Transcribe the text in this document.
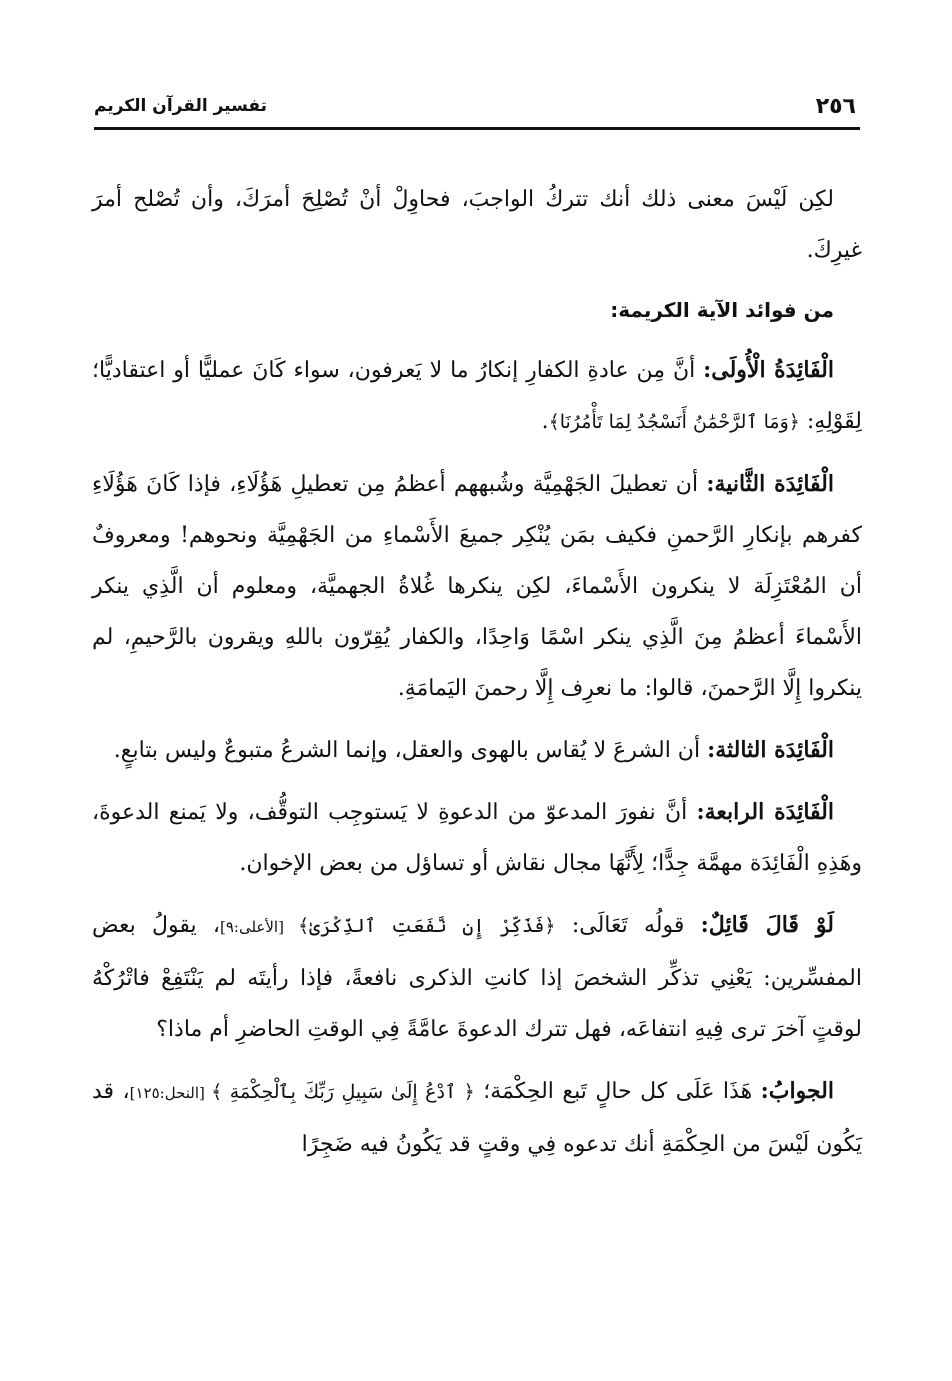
٢٥٦
تفسير القرآن الكريم

لكِن لَيْسَ معنى ذلك أنك تتركُ الواجبَ، فحاوِلْ أنْ تُصْلِحَ أمرَكَ، وأن تُصْلح أمرَ غيرِكَ.

من فوائد الآية الكريمة:

الْفَائِدَةُ الْأُولَى: أنَّ مِن عادةِ الكفارِ إنكارُ ما لا يَعرفون، سواء كَانَ عمليًّا أو اعتقاديًّا؛ لِقَوْلِهِ: ﴿وَمَا ٱلرَّحْمَٰنُ أَنَسْجُدُ لِمَا تَأْمُرُنَا﴾.

الْفَائِدَة الثَّانية: أن تعطيلَ الجَهْمِيَّة وشُبههم أعظمُ مِن تعطيلِ هَؤُلَاءِ، فإذا كَانَ هَؤُلَاءِ كفرهم بإنكارِ الرَّحمنِ فكيف بمَن يُنْكِر جميعَ الأَسْماءِ من الجَهْمِيَّة ونحوهم! ومعروفٌ أن المُعْتَزِلَة لا ينكرون الأَسْماءَ، لكِن ينكرها غُلاةُ الجهميَّة، ومعلوم أن الَّذِي ينكر الأَسْماءَ أعظمُ مِنَ الَّذِي ينكر اسْمًا وَاحِدًا، والكفار يُقِرّون باللهِ ويقرون بالرَّحيمِ، لم ينكروا إِلَّا الرَّحمنَ، قالوا: ما نعرِف إِلَّا رحمنَ اليَمامَةِ.

الْفَائِدَة الثالثة: أن الشرعَ لا يُقاس بالهوى والعقل، وإنما الشرعُ متبوعٌ وليس بتابعٍ.

الْفَائِدَة الرابعة: أنَّ نفورَ المدعوّ من الدعوةِ لا يَستوجِب التوقُّف، ولا يَمنع الدعوةَ، وهَذِهِ الْفَائِدَة مهمَّة جِدًّا؛ لِأَنَّهَا مجال نقاش أو تساؤل من بعض الإخوان.

لَوْ قَالَ قَائِلٌ: قولُه تَعَالَى: ﴿فَذَكِّرْ إِن نَّفَعَتِ ٱلذِّكْرَىٰ﴾ [الأعلى:٩]، يقولُ بعض المفسِّرين: يَعْنِي تذكِّر الشخصَ إذا كانتِ الذكرى نافعةً، فإذا رأيتَه لم يَنْتَفِعْ فاتْرُكْهُ لوقتٍ آخرَ ترى فِيهِ انتفاعَه، فهل تترك الدعوةَ عامَّةً فِي الوقتِ الحاضرِ أم ماذا؟

الجوابُ: هَذَا عَلَى كل حالٍ تَبع الحِكْمَة؛ ﴿ ٱدْعُ إِلَىٰ سَبِيلِ رَبِّكَ بِٱلْحِكْمَةِ ﴾ [النحل:١٢٥]، قد يَكُون لَيْسَ من الحِكْمَةِ أنك تدعوه فِي وقتٍ قد يَكُونُ فيه ضَجِرًا
